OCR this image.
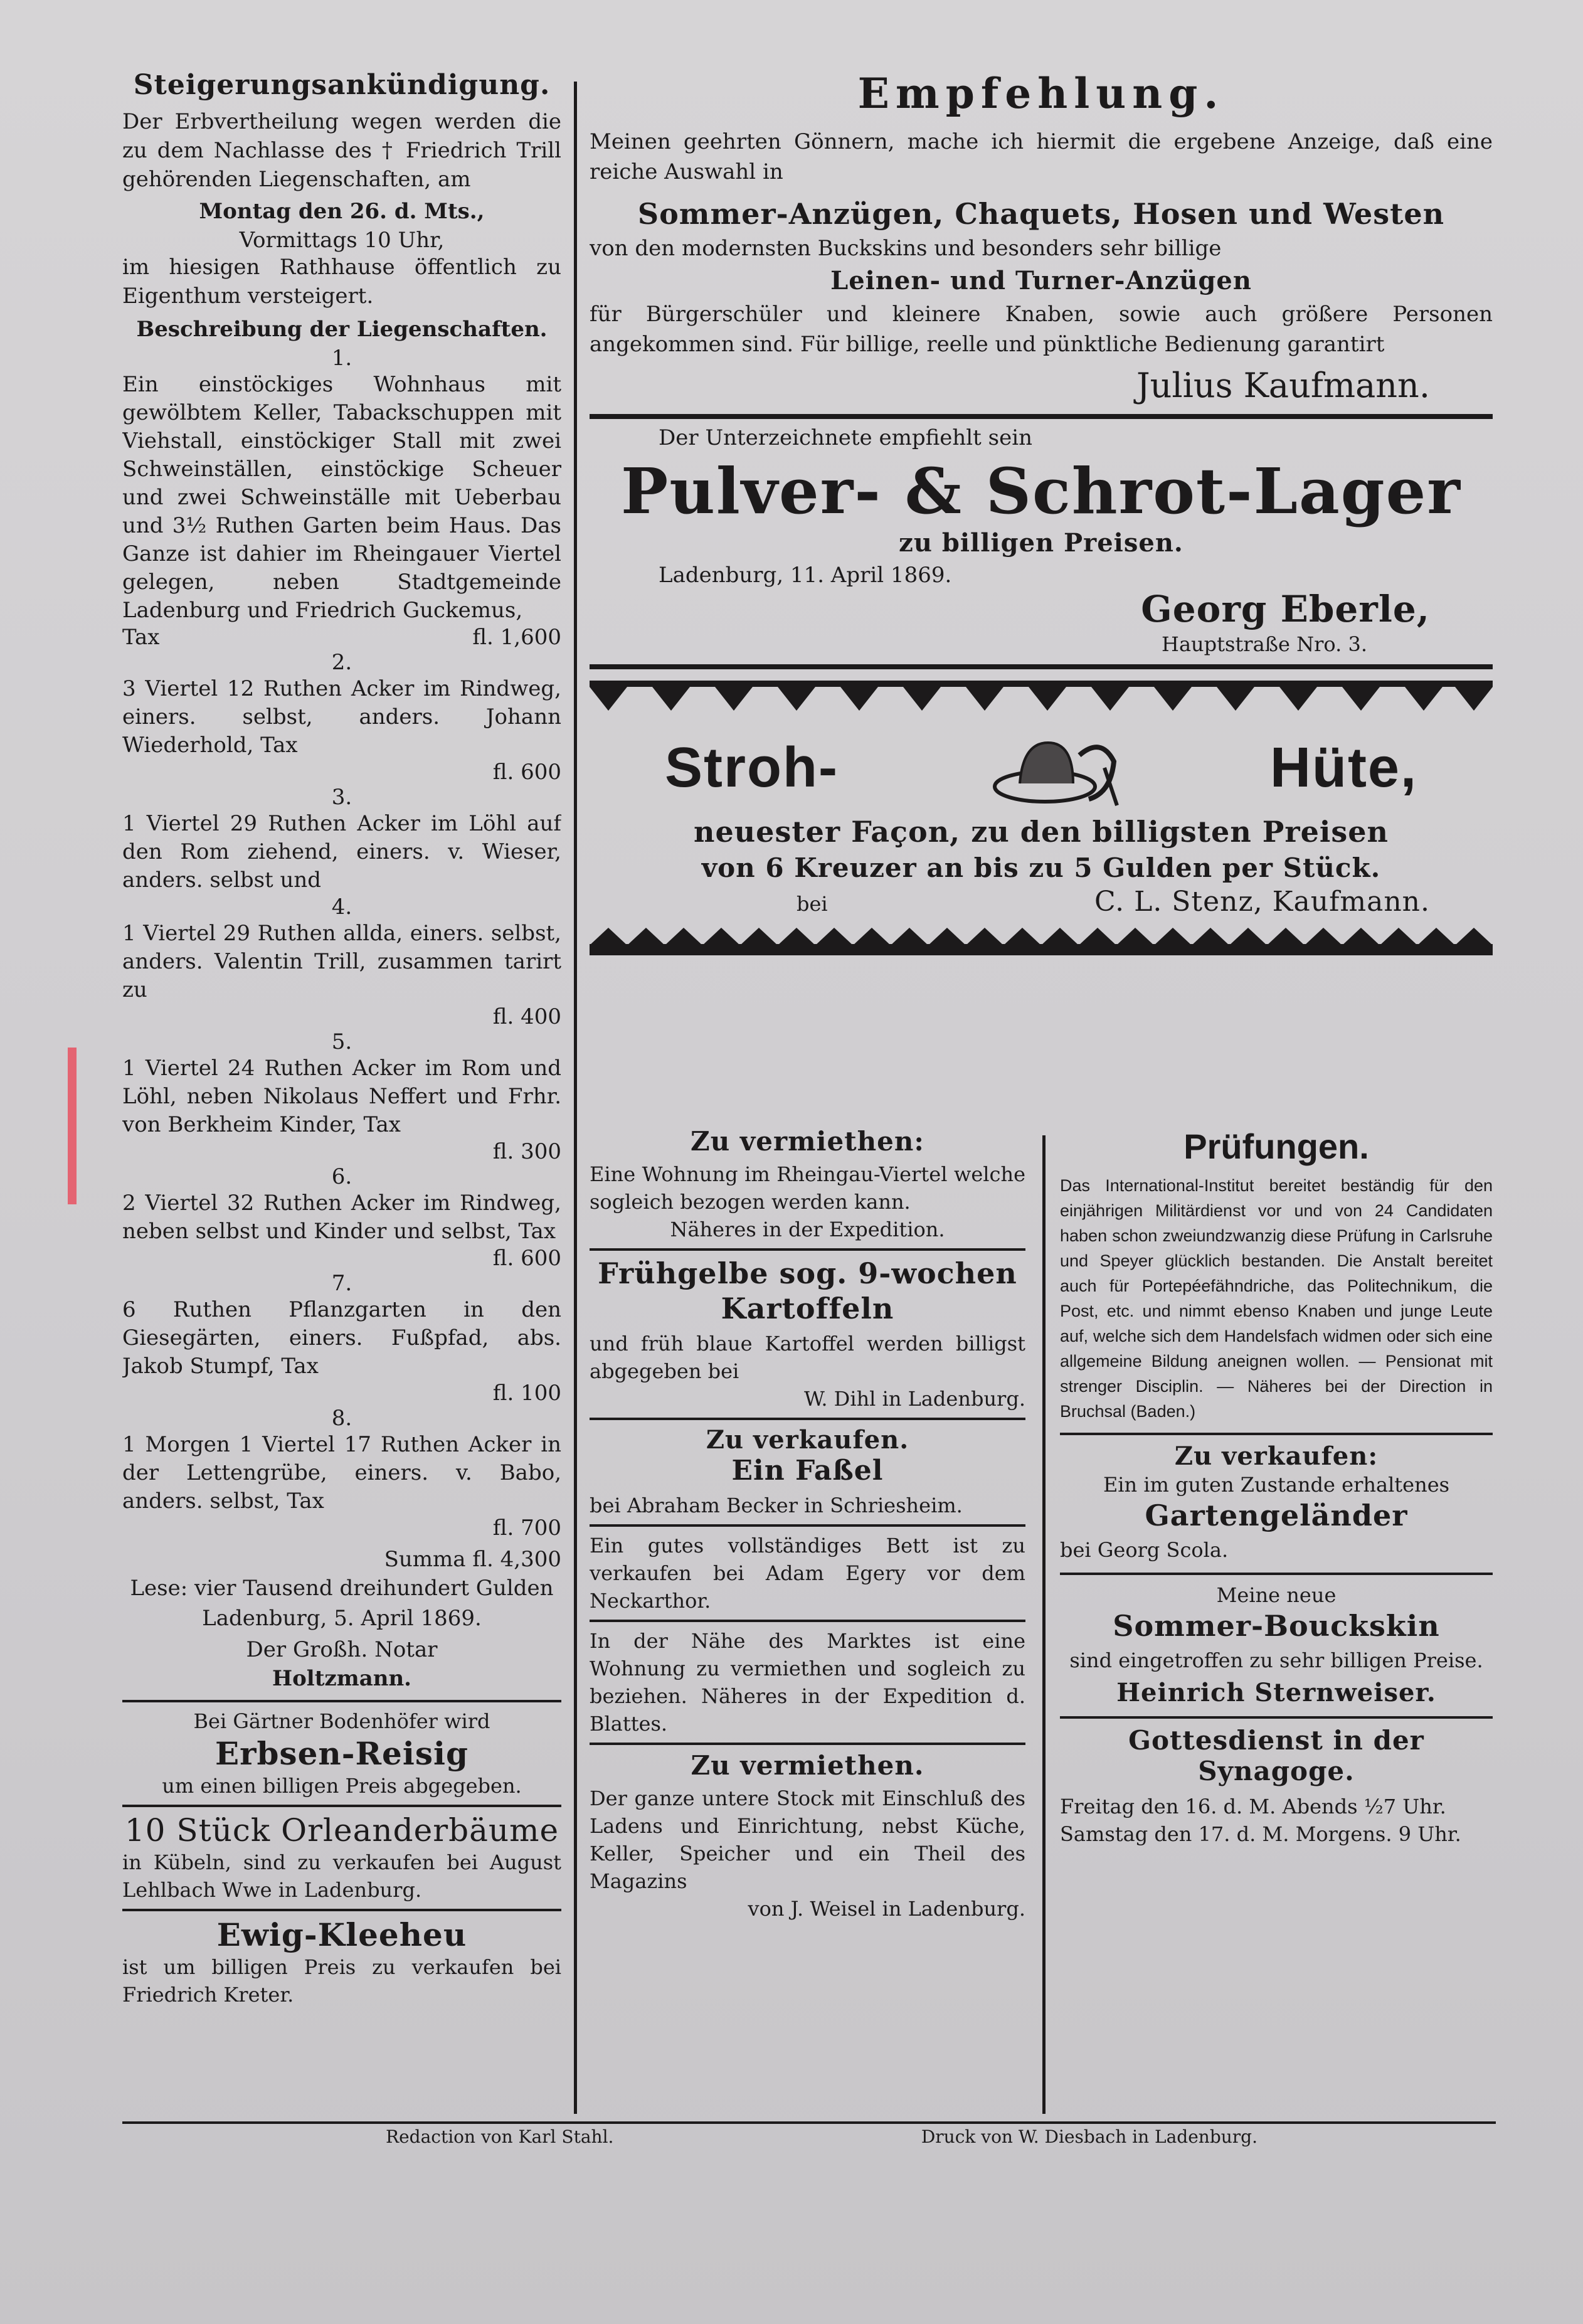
Steigerungsankündigung.
Der Erbvertheilung wegen werden die zu dem Nachlasse des † Friedrich Trill gehörenden Liegenschaften, am
Montag den 26. d. Mts.,
Vormittags 10 Uhr,
im hiesigen Rathhause öffentlich zu Eigenthum versteigert.
Beschreibung der Liegenschaften.
1.
Ein einstöckiges Wohnhaus mit gewölbtem Keller, Tabackschuppen mit Viehstall, einstöckiger Stall mit zwei Schweinställen, einstöckige Scheuer und zwei Schweinställe mit Ueberbau und 3½ Ruthen Garten beim Haus. Das Ganze ist dahier im Rheingauer Viertel gelegen, neben Stadtgemeinde Ladenburg und Friedrich Guckemus,
Tax	fl. 1,600
2.
3 Viertel 12 Ruthen Acker im Rindweg, einers. selbst, anders. Johann Wiederhold, Tax
fl. 600
3.
1 Viertel 29 Ruthen Acker im Löhl auf den Rom ziehend, einers. v. Wieser, anders. selbst und
4.
1 Viertel 29 Ruthen allda, einers. selbst, anders. Valentin Trill, zusammen tarirt zu
fl. 400
5.
1 Viertel 24 Ruthen Acker im Rom und Löhl, neben Nikolaus Neffert und Frhr. von Berkheim Kinder, Tax
fl. 300
6.
2 Viertel 32 Ruthen Acker im Rindweg, neben selbst und Kinder und selbst, Tax
fl. 600
7.
6 Ruthen Pflanzgarten in den Giesegärten, einers. Fußpfad, abs. Jakob Stumpf, Tax
fl. 100
8.
1 Morgen 1 Viertel 17 Ruthen Acker in der Lettengrübe, einers. v. Babo, anders. selbst, Tax
fl. 700
Summa fl. 4,300
Lese: vier Tausend dreihundert Gulden
Ladenburg, 5. April 1869.
Der Großh. Notar
Holtzmann.
Bei Gärtner Bodenhöfer wird
Erbsen-Reisig
um einen billigen Preis abgegeben.
10 Stück Orleanderbäume
in Kübeln, sind zu verkaufen bei August Lehlbach Wwe in Ladenburg.
Ewig-Kleeheu
ist um billigen Preis zu verkaufen bei Friedrich Kreter.
Empfehlung.
Meinen geehrten Gönnern, mache ich hiermit die ergebene Anzeige, daß eine reiche Auswahl in
Sommer-Anzügen, Chaquets, Hosen und Westen
von den modernsten Buckskins und besonders sehr billige
Leinen- und Turner-Anzügen
für Bürgerschüler und kleinere Knaben, sowie auch größere Personen angekommen sind. Für billige, reelle und pünktliche Bedienung garantirt
Julius Kaufmann.
Der Unterzeichnete empfiehlt sein
Pulver- & Schrot-Lager
zu billigen Preisen.
Ladenburg, 11. April 1869.
Georg Eberle,
Hauptstraße Nro. 3.
Stroh-	Hüte,
neuester Façon, zu den billigsten Preisen
von 6 Kreuzer an bis zu 5 Gulden per Stück.
bei	C. L. Stenz, Kaufmann.
Zu vermiethen:
Eine Wohnung im Rheingau-Viertel welche sogleich bezogen werden kann.
Näheres in der Expedition.
Frühgelbe sog. 9-wochen Kartoffeln
und früh blaue Kartoffel werden billigst abgegeben bei
W. Dihl in Ladenburg.
Zu verkaufen.
Ein Faßel
bei Abraham Becker in Schriesheim.
Ein gutes vollständiges Bett ist zu verkaufen bei Adam Egery vor dem Neckarthor.
In der Nähe des Marktes ist eine Wohnung zu vermiethen und sogleich zu beziehen. Näheres in der Expedition d. Blattes.
Zu vermiethen.
Der ganze untere Stock mit Einschluß des Ladens und Einrichtung, nebst Küche, Keller, Speicher und ein Theil des Magazins
von J. Weisel in Ladenburg.
Prüfungen.
Das International-Institut bereitet beständig für den einjährigen Militärdienst vor und von 24 Candidaten haben schon zweiundzwanzig diese Prüfung in Carlsruhe und Speyer glücklich bestanden. Die Anstalt bereitet auch für Portepéefähndriche, das Politechnikum, die Post, etc. und nimmt ebenso Knaben und junge Leute auf, welche sich dem Handelsfach widmen oder sich eine allgemeine Bildung aneignen wollen. — Pensionat mit strenger Disciplin. — Näheres bei der Direction in Bruchsal (Baden.)
Zu verkaufen:
Ein im guten Zustande erhaltenes
Gartengeländer
bei Georg Scola.
Meine neue
Sommer-Bouckskin
sind eingetroffen zu sehr billigen Preise.
Heinrich Sternweiser.
Gottesdienst in der Synagoge.
Freitag den 16. d. M. Abends ½7 Uhr.
Samstag den 17. d. M. Morgens. 9 Uhr.
Redaction von Karl Stahl.	Druck von W. Diesbach in Ladenburg.
